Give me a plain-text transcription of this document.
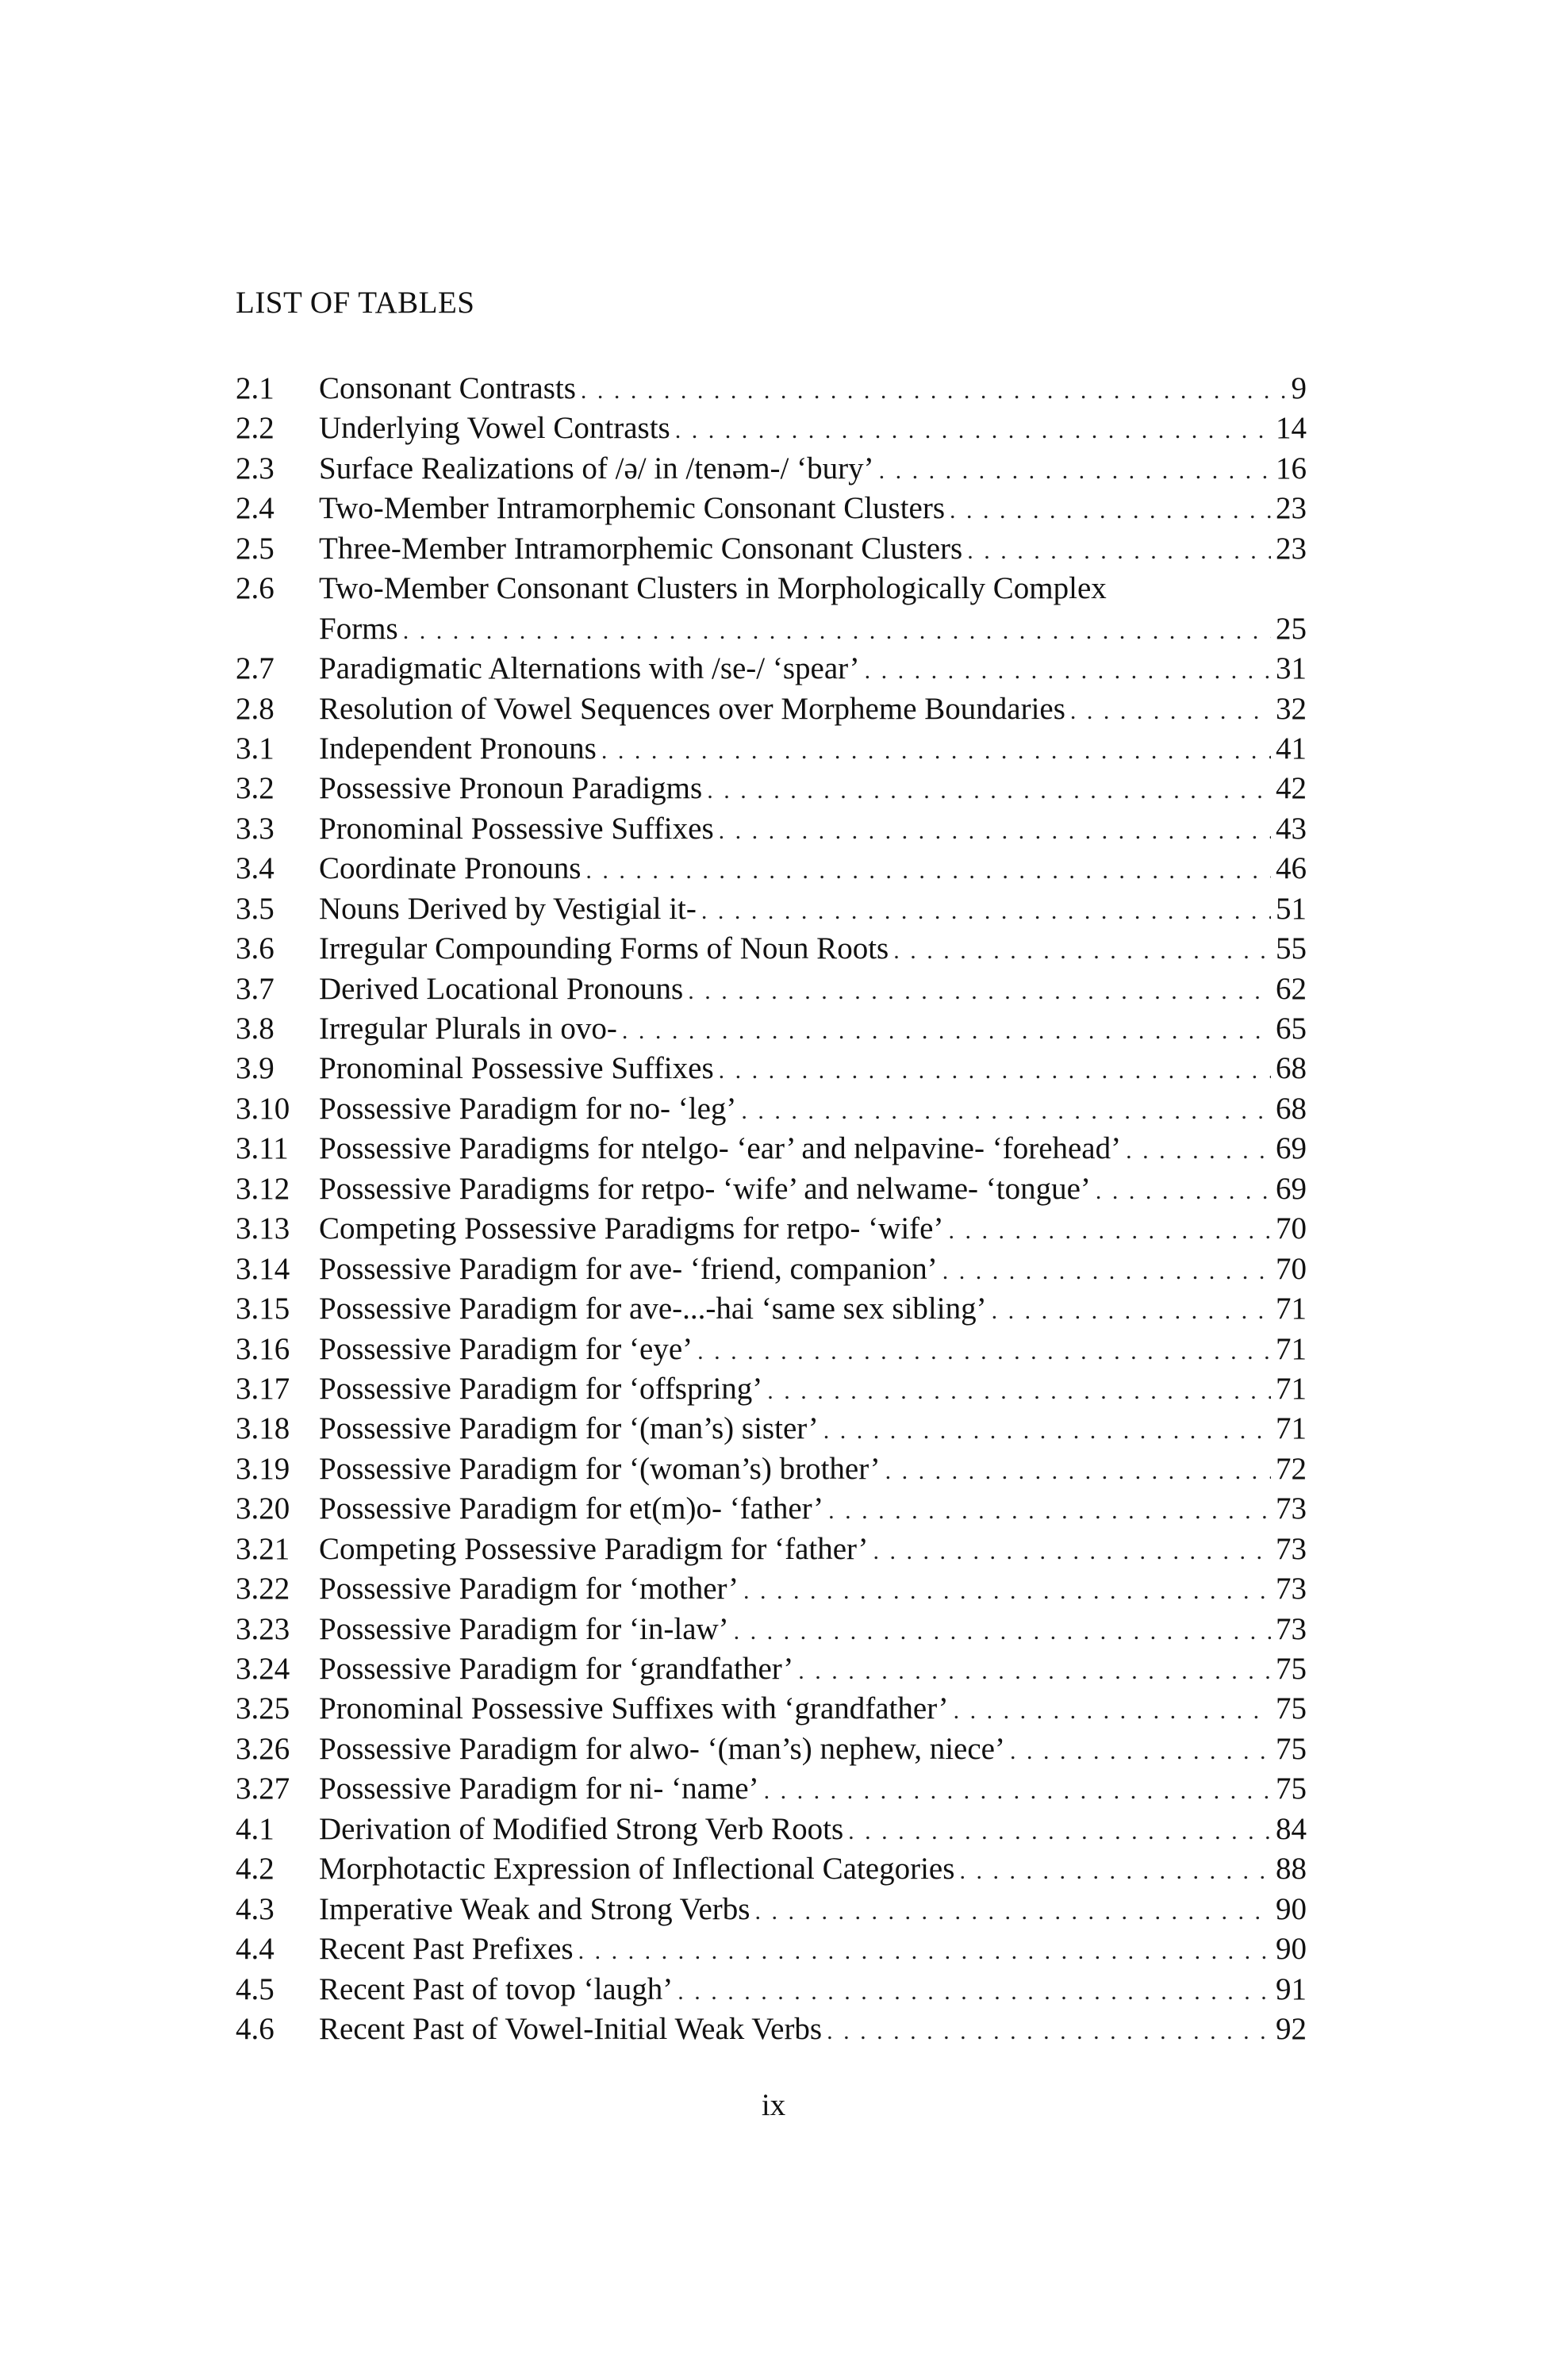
LIST OF TABLES
2.1	Consonant Contrasts . . .	9
2.2	Underlying Vowel Contrasts . . .	14
2.3	Surface Realizations of /ə/ in /tenəm-/ ‘bury’ . . .	16
2.4	Two-Member Intramorphemic Consonant Clusters . . .	23
2.5	Three-Member Intramorphemic Consonant Clusters . . .	23
2.6	Two-Member Consonant Clusters in Morphologically Complex
Forms . . .	25
2.7	Paradigmatic Alternations with /se-/ ‘spear’ . . .	31
2.8	Resolution of Vowel Sequences over Morpheme Boundaries . . .	32
3.1	Independent Pronouns . . .	41
3.2	Possessive Pronoun Paradigms . . .	42
3.3	Pronominal Possessive Suffixes . . .	43
3.4	Coordinate Pronouns . . .	46
3.5	Nouns Derived by Vestigial it- . . .	51
3.6	Irregular Compounding Forms of Noun Roots . . .	55
3.7	Derived Locational Pronouns . . .	62
3.8	Irregular Plurals in ovo- . . .	65
3.9	Pronominal Possessive Suffixes . . .	68
3.10 Possessive Paradigm for no- ‘leg’ . . .	68
3.11 Possessive Paradigms for ntelgo- ‘ear’ and nelpavine- ‘forehead’ . . .	69
3.12 Possessive Paradigms for retpo- ‘wife’ and nelwame- ‘tongue’ . . .	69
3.13 Competing Possessive Paradigms for retpo- ‘wife’ . . .	70
3.14 Possessive Paradigm for ave- ‘friend, companion’ . . .	70
3.15 Possessive Paradigm for ave-...-hai ‘same sex sibling’ . . .	71
3.16 Possessive Paradigm for ‘eye’ . . .	71
3.17 Possessive Paradigm for ‘offspring’ . . .	71
3.18 Possessive Paradigm for ‘(man’s) sister’ . . .	71
3.19 Possessive Paradigm for ‘(woman’s) brother’ . . .	72
3.20 Possessive Paradigm for et(m)o- ‘father’ . . .	73
3.21 Competing Possessive Paradigm for ‘father’ . . .	73
3.22 Possessive Paradigm for ‘mother’ . . .	73
3.23 Possessive Paradigm for ‘in-law’ . . .	73
3.24 Possessive Paradigm for ‘grandfather’ . . .	75
3.25 Pronominal Possessive Suffixes with ‘grandfather’ . . .	75
3.26 Possessive Paradigm for alwo- ‘(man’s) nephew, niece’ . . .	75
3.27 Possessive Paradigm for ni- ‘name’ . . .	75
4.1	Derivation of Modified Strong Verb Roots . . .	84
4.2	Morphotactic Expression of Inflectional Categories . . .	88
4.3	Imperative Weak and Strong Verbs . . .	90
4.4	Recent Past Prefixes . . .	90
4.5	Recent Past of tovop ‘laugh’ . . .	91
4.6	Recent Past of Vowel-Initial Weak Verbs . . .	92
ix
